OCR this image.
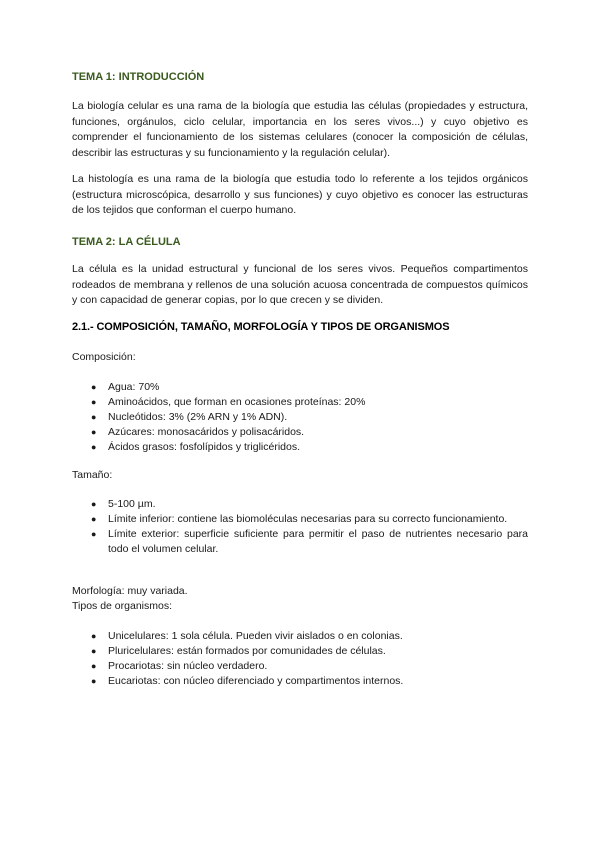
TEMA 1: INTRODUCCIÓN
La biología celular es una rama de la biología que estudia las células (propiedades y estructura, funciones, orgánulos, ciclo celular, importancia en los seres vivos...) y cuyo objetivo es comprender el funcionamiento de los sistemas celulares (conocer la composición de células, describir las estructuras y su funcionamiento y la regulación celular).
La histología es una rama de la biología que estudia todo lo referente a los tejidos orgánicos (estructura microscópica, desarrollo y sus funciones) y cuyo objetivo es conocer las estructuras de los tejidos que conforman el cuerpo humano.
TEMA 2: LA CÉLULA
La célula es la unidad estructural y funcional de los seres vivos. Pequeños compartimentos rodeados de membrana y rellenos de una solución acuosa concentrada de compuestos químicos y con capacidad de generar copias, por lo que crecen y se dividen.
2.1.- COMPOSICIÓN, TAMAÑO, MORFOLOGÍA Y TIPOS DE ORGANISMOS
Composición:
● Agua: 70%
● Aminoácidos, que forman en ocasiones proteínas: 20%
● Nucleótidos: 3% (2% ARN y 1% ADN).
● Azúcares: monosacáridos y polisacáridos.
● Ácidos grasos: fosfolípidos y triglicéridos.
Tamaño:
● 5-100 µm.
● Límite inferior: contiene las biomoléculas necesarias para su correcto funcionamiento.
● Límite exterior: superficie suficiente para permitir el paso de nutrientes necesario para todo el volumen celular.
Morfología: muy variada.
Tipos de organismos:
● Unicelulares: 1 sola célula. Pueden vivir aislados o en colonias.
● Pluricelulares: están formados por comunidades de células.
● Procariotas: sin núcleo verdadero.
● Eucariotas: con núcleo diferenciado y compartimentos internos.
